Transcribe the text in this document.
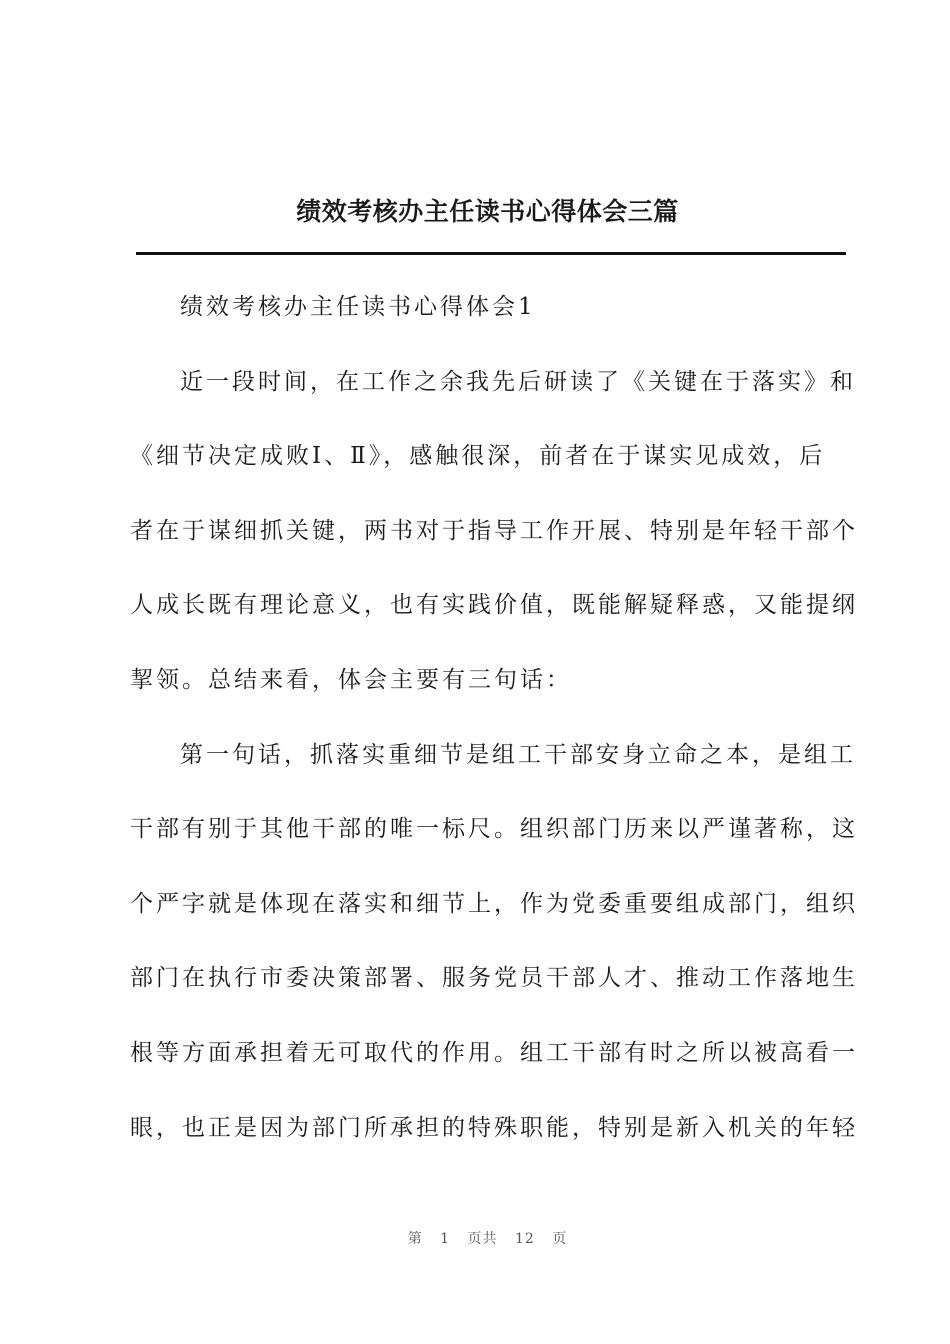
绩效考核办主任读书心得体会三篇
绩效考核办主任读书心得体会1
近一段时间，在工作之余我先后研读了《关键在于落实》和
《细节决定成败Ⅰ、Ⅱ》，感触很深，前者在于谋实见成效，后
者在于谋细抓关键，两书对于指导工作开展、特别是年轻干部个
人成长既有理论意义，也有实践价值，既能解疑释惑，又能提纲
挈领。总结来看，体会主要有三句话：
第一句话，抓落实重细节是组工干部安身立命之本，是组工
干部有别于其他干部的唯一标尺。组织部门历来以严谨著称，这
个严字就是体现在落实和细节上，作为党委重要组成部门，组织
部门在执行市委决策部署、服务党员干部人才、推动工作落地生
根等方面承担着无可取代的作用。组工干部有时之所以被高看一
眼，也正是因为部门所承担的特殊职能，特别是新入机关的年轻
第 1 页共 12 页
